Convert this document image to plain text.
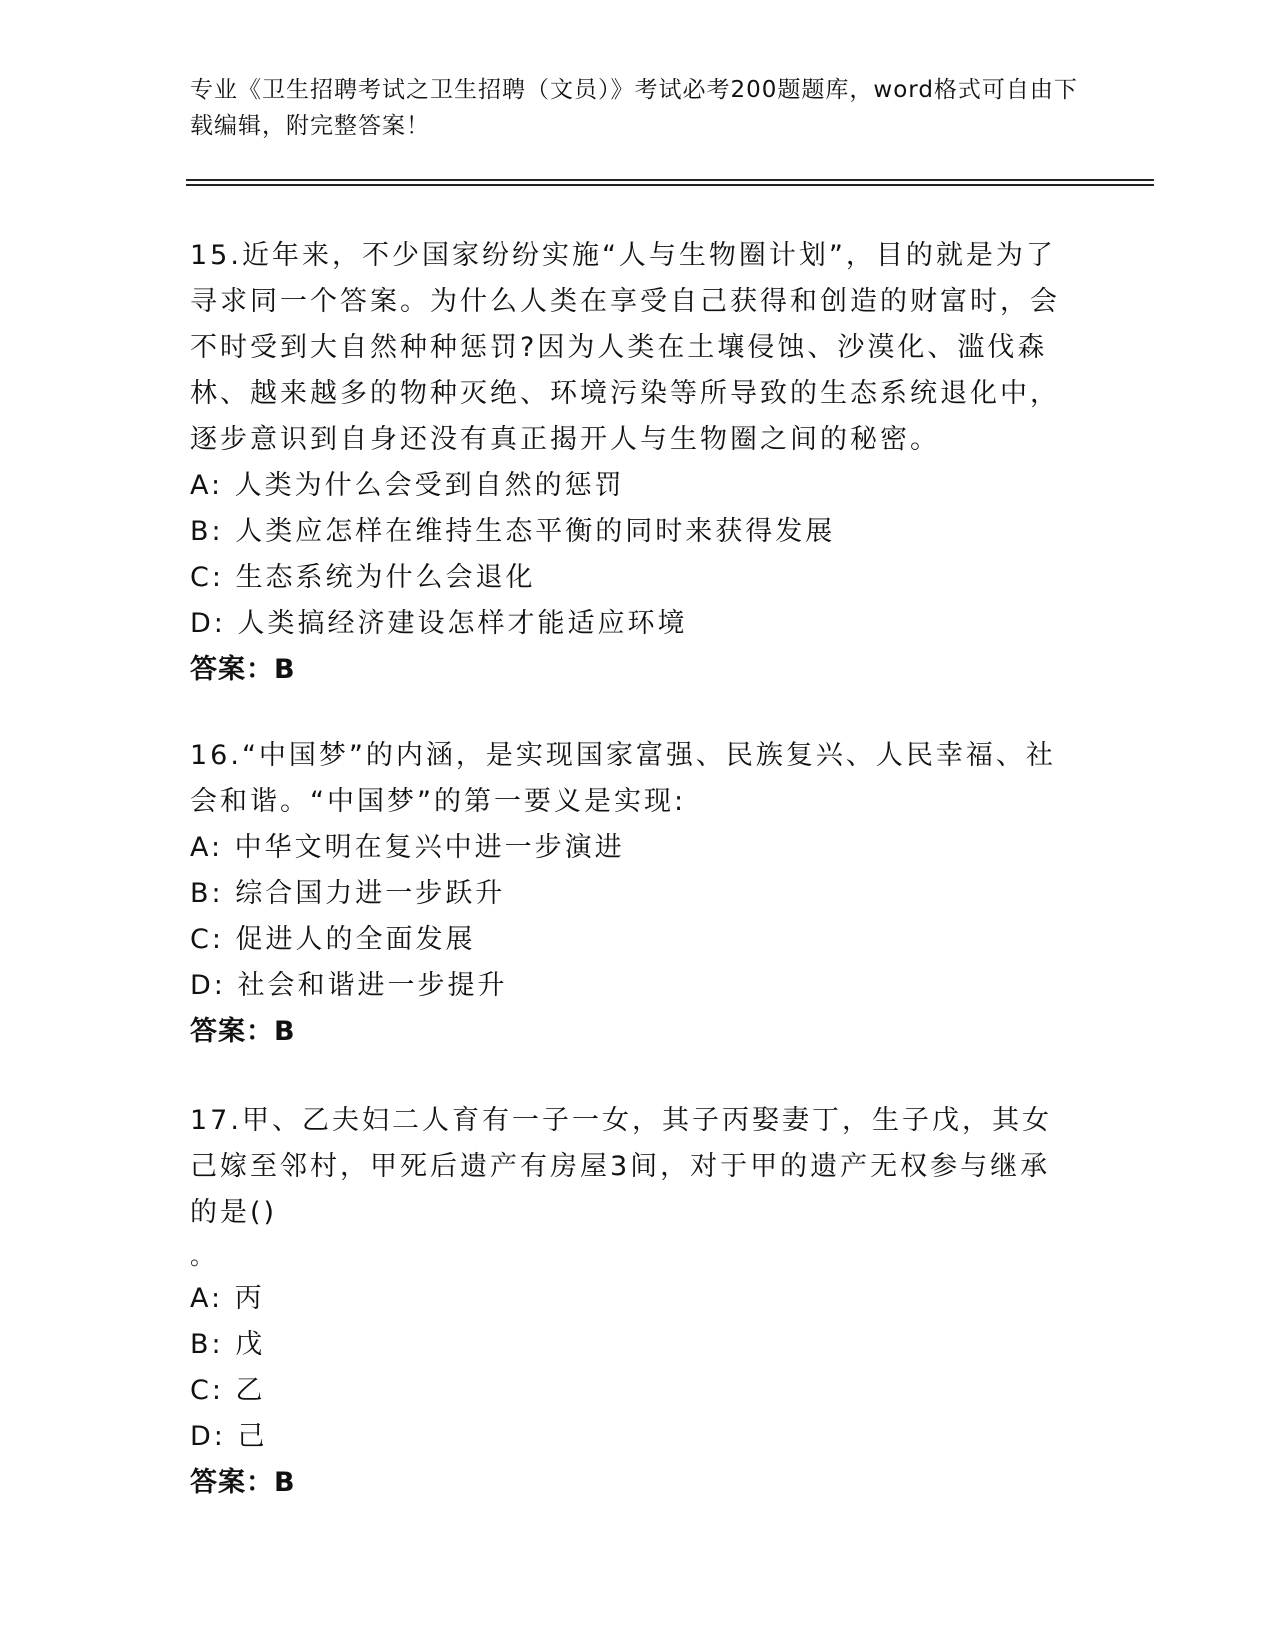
专业《卫生招聘考试之卫生招聘（文员）》考试必考200题题库，word格式可自由下载编辑，附完整答案！

15.近年来，不少国家纷纷实施“人与生物圈计划”，目的就是为了寻求同一个答案。为什么人类在享受自己获得和创造的财富时，会不时受到大自然种种惩罚?因为人类在土壤侵蚀、沙漠化、滥伐森林、越来越多的物种灭绝、环境污染等所导致的生态系统退化中，逐步意识到自身还没有真正揭开人与生物圈之间的秘密。

A: 人类为什么会受到自然的惩罚

B: 人类应怎样在维持生态平衡的同时来获得发展

C: 生态系统为什么会退化

D: 人类搞经济建设怎样才能适应环境

答案：B

16.“中国梦”的内涵，是实现国家富强、民族复兴、人民幸福、社会和谐。“中国梦”的第一要义是实现:

A: 中华文明在复兴中进一步演进

B: 综合国力进一步跃升

C: 促进人的全面发展

D: 社会和谐进一步提升

答案：B

17.甲、乙夫妇二人育有一子一女，其子丙娶妻丁，生子戊，其女己嫁至邻村，甲死后遗产有房屋3间，对于甲的遗产无权参与继承的是()

。

A: 丙

B: 戊

C: 乙

D: 己

答案：B
